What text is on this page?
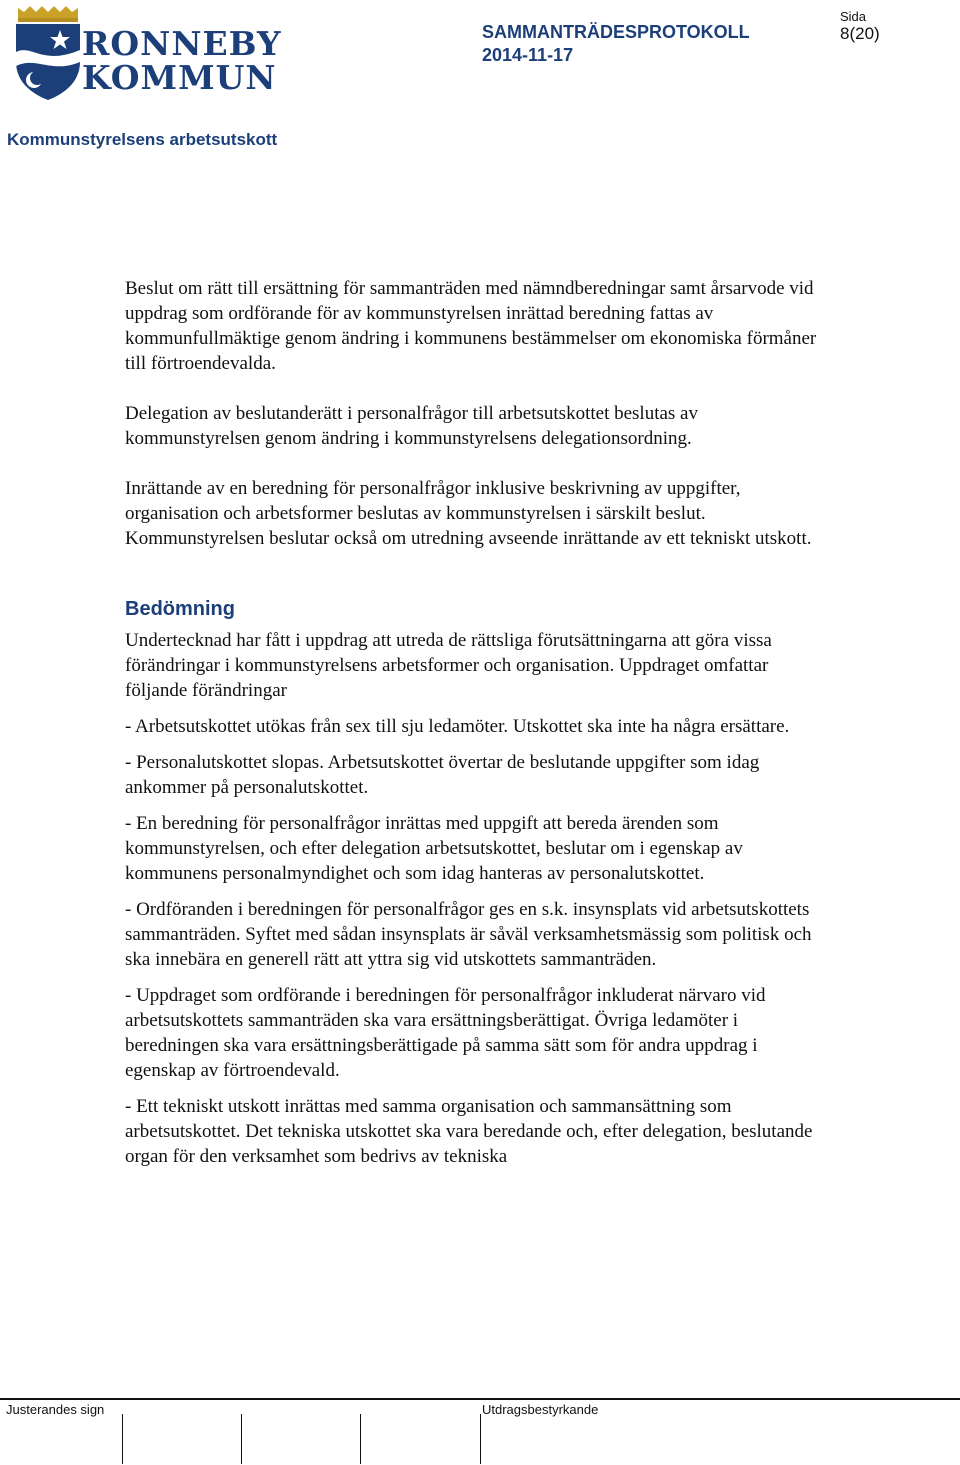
RONNEBY
KOMMUN
SAMMANTRÄDESPROTOKOLL
2014-11-17
Sida
8(20)
Kommunstyrelsens arbetsutskott

Beslut om rätt till ersättning för sammanträden med nämndberedningar samt årsarvode vid uppdrag som ordförande för av kommunstyrelsen inrättad beredning fattas av kommunfullmäktige genom ändring i kommunens bestämmelser om ekonomiska förmåner till förtroendevalda.

Delegation av beslutanderätt i personalfrågor till arbetsutskottet beslutas av kommunstyrelsen genom ändring i kommunstyrelsens delegationsordning.

Inrättande av en beredning för personalfrågor inklusive beskrivning av uppgifter, organisation och arbetsformer beslutas av kommunstyrelsen i särskilt beslut. Kommunstyrelsen beslutar också om utredning avseende inrättande av ett tekniskt utskott.

Bedömning

Undertecknad har fått i uppdrag att utreda de rättsliga förutsättningarna att göra vissa förändringar i kommunstyrelsens arbetsformer och organisation. Uppdraget omfattar följande förändringar

- Arbetsutskottet utökas från sex till sju ledamöter. Utskottet ska inte ha några ersättare.

- Personalutskottet slopas. Arbetsutskottet övertar de beslutande uppgifter som idag ankommer på personalutskottet.

- En beredning för personalfrågor inrättas med uppgift att bereda ärenden som kommunstyrelsen, och efter delegation arbetsutskottet, beslutar om i egenskap av kommunens personalmyndighet och som idag hanteras av personalutskottet.

- Ordföranden i beredningen för personalfrågor ges en s.k. insynsplats vid arbetsutskottets sammanträden. Syftet med sådan insynsplats är såväl verksamhetsmässig som politisk och ska innebära en generell rätt att yttra sig vid utskottets sammanträden.

- Uppdraget som ordförande i beredningen för personalfrågor inkluderat närvaro vid arbetsutskottets sammanträden ska vara ersättningsberättigat. Övriga ledamöter i beredningen ska vara ersättningsberättigade på samma sätt som för andra uppdrag i egenskap av förtroendevald.

- Ett tekniskt utskott inrättas med samma organisation och sammansättning som arbetsutskottet. Det tekniska utskottet ska vara beredande och, efter delegation, beslutande organ för den verksamhet som bedrivs av tekniska

Justerandes sign	Utdragsbestyrkande
